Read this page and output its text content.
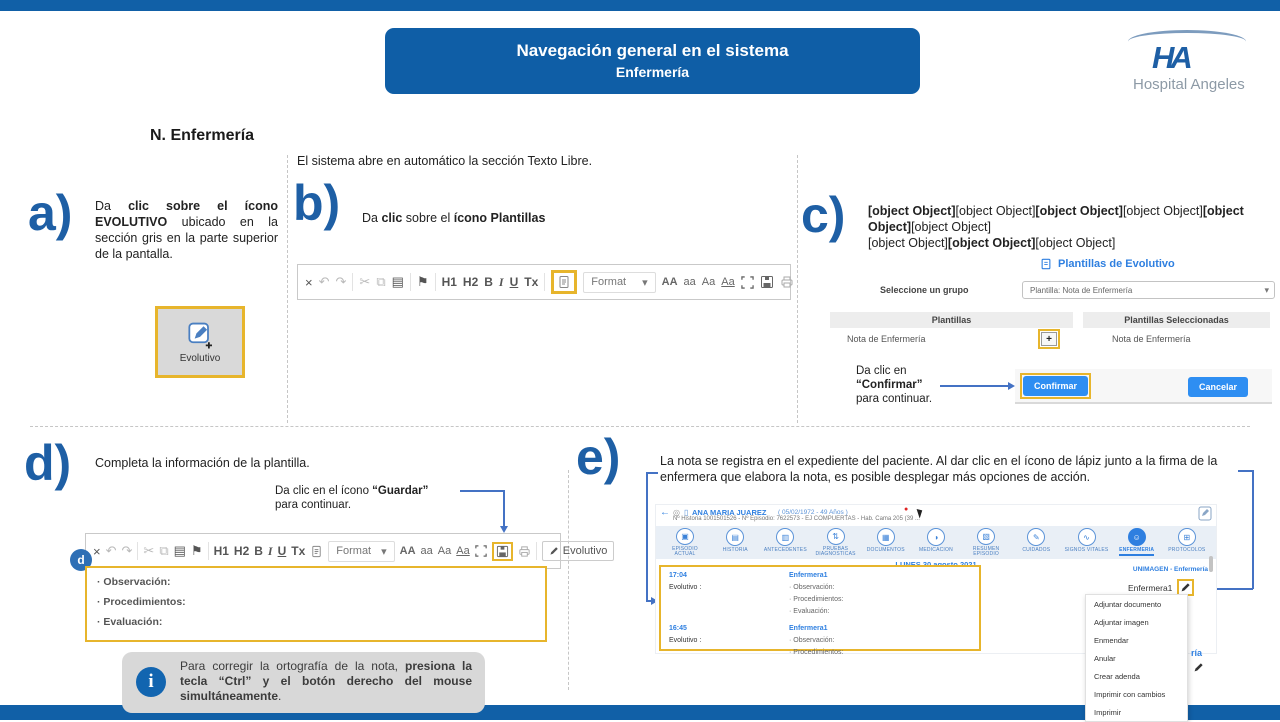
Navegación general en el sistema
Enfermería	HA
Hospital Angeles
N. Enfermería
a) Da clic sobre el ícono EVOLUTIVO ubicado en la sección gris en la parte superior de la pantalla.

Evolutivo

El sistema abre en automático la sección Texto Libre.

b) Da clic sobre el ícono Plantillas

× ↶ ↷ ✂ ⧉ ▤ ⚑ H1 H2 B I U Tx	Format ▾ AA aa Aa Aa
c) [object Object][object Object][object Object][object Object][object Object][object Object]
[object Object][object Object][object Object]

Plantillas de Evolutivo
Seleccione un grupo	Plantilla: Nota de Enfermería	▾
Plantillas	Plantillas Seleccionadas
Nota de Enfermería	+	Nota de Enfermería
Confirmar	Cancelar
Da clic en
“Confirmar”
para continuar.
d) Completa la información de la plantilla.

Da clic en el ícono “Guardar”
para continuar.
× ↶ ↷ ✂ ⧉ ▤ ⚑ H1 H2 B I U Tx	Format ▾ AA aa Aa Aa	Evolutivo
d
· Observación:
· Procedimientos:
· Evaluación:
i

Para corregir la ortografía de la nota, presiona la tecla “Ctrl” y el botón derecho del mouse simultáneamente.

e)	La nota se registra en el expediente del paciente. Al dar clic en el ícono de lápiz junto a la firma de la enfermera que elabora la nota, es posible desplegar más opciones de acción.

← ◎ ▯ ANA MARIA JUAREZ ( 05/02/1972 - 49 Años )	●
Nº Historia 1001501526 - Nº Episodio: 7622573 - EJ COMPUERTAS - Hab. Cama 205 (39 ...
▣
EPISODIO ACTUAL
▤
HISTORIA
▥
ANTECEDENTES
⇅
PRUEBAS DIAGNOSTICAS
▦
DOCUMENTOS
◑
MEDICACION
▧
RESUMEN EPISODIO
✎
CUIDADOS
∿
SIGNOS VITALES
☺
ENFERMERIA
⊞
PROTOCOLOS
17:04	Enfermera1
Evolutivo :	· Observación:
· Procedimientos:
· Evaluación:
16:45	Enfermera1
Evolutivo :	· Observación:
· Procedimientos:
UNIMAGEN - Enfermería
Enfermera1
Adjuntar documento
Adjuntar imagen
Enmendar
Anular
Crear adenda
Imprimir con cambios
Imprimir
ría
